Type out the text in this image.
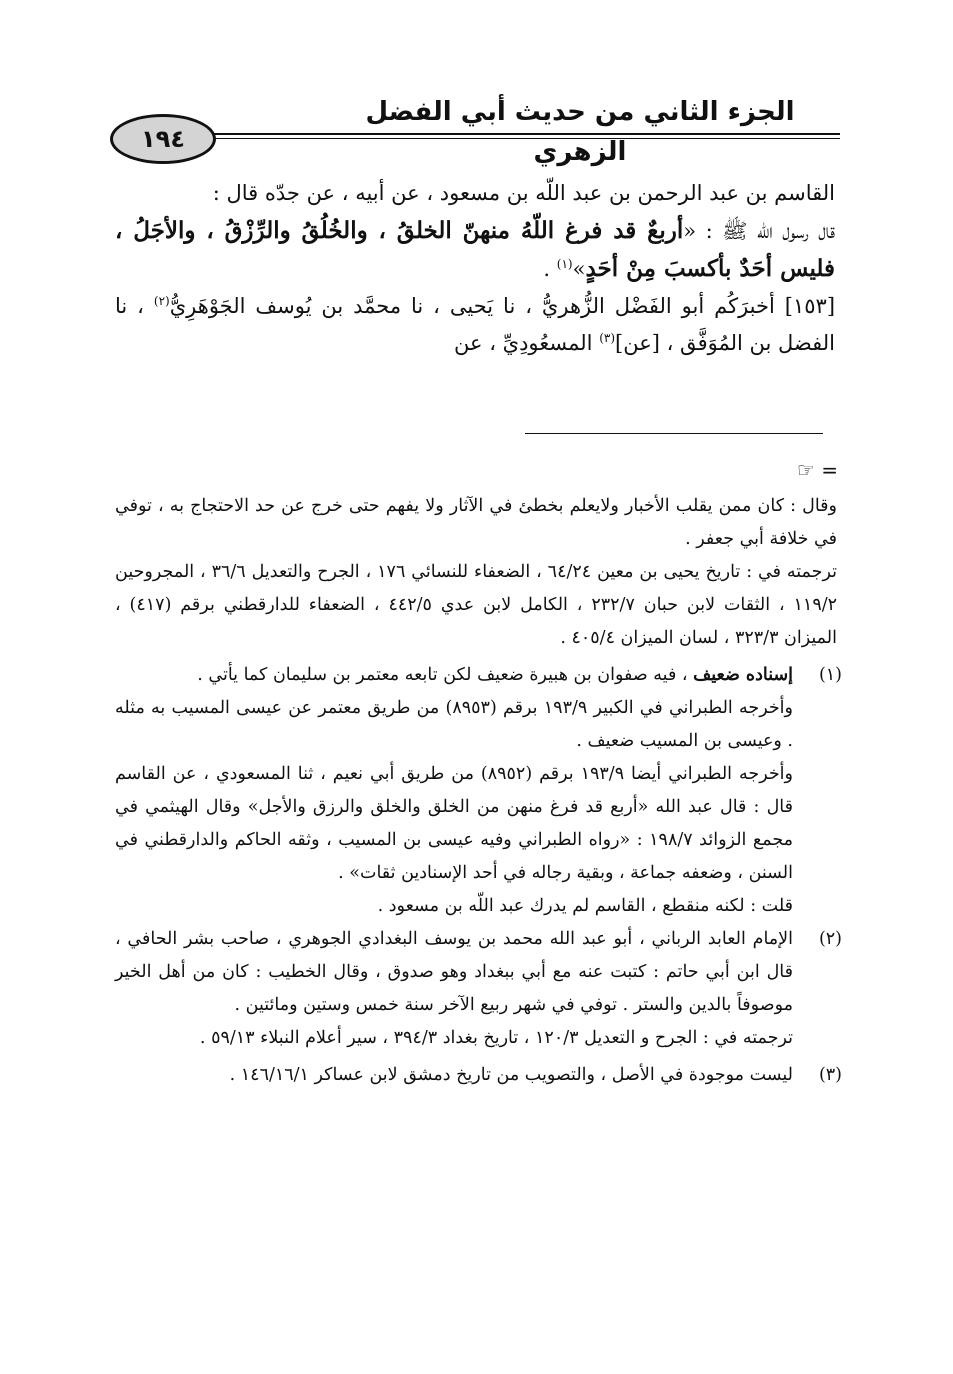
الجزء الثاني من حديث أبي الفضل الزهري
١٩٤

القاسم بن عبد الرحمن بن عبد اللّه بن مسعود ، عن أبيه ، عن جدّه قال :

قال رسول اللّه ﷺ : «أربعٌ قد فرغ اللّهُ منهنّ الخلقُ ، والخُلُقُ والرِّزْقُ ، والأجَلُ ، فليس أحَدٌ بأكسبَ مِنْ أحَدٍ»$^{(١)}$ .

[١٥٣] أخبرَكُم أبو الفَضْل الزُّهريُّ ، نا يَحيى ، نا محمَّد بن يُوسف الجَوْهَرِيُّ$^{(٢)}$ ، نا الفضل بن المُوَفَّق ، [عن]$^{(٣)}$ المسعُودِيِّ ، عن

= ☞
وقال : كان ممن يقلب الأخبار ولايعلم بخطئ في الآثار ولا يفهم حتى خرج عن حد الاحتجاج به ، توفي في خلافة أبي جعفر .
ترجمته في : تاريخ يحيى بن معين ٦٤/٢٤ ، الضعفاء للنسائي ١٧٦ ، الجرح والتعديل ٣٦/٦ ، المجروحين ١١٩/٢ ، الثقات لابن حبان ٢٣٢/٧ ، الكامل لابن عدي ٤٤٢/٥ ، الضعفاء للدارقطني برقم (٤١٧) ، الميزان ٣٢٣/٣ ، لسان الميزان ٤٠٥/٤ .
(١)
إسناده ضعيف ، فيه صفوان بن هبيرة ضعيف لكن تابعه معتمر بن سليمان كما يأتي .
وأخرجه الطبراني في الكبير ١٩٣/٩ برقم (٨٩٥٣) من طريق معتمر عن عيسى المسيب به مثله . وعيسى بن المسيب ضعيف .
وأخرجه الطبراني أيضا ١٩٣/٩ برقم (٨٩٥٢) من طريق أبي نعيم ، ثنا المسعودي ، عن القاسم قال : قال عبد الله «أربع قد فرغ منهن من الخلق والخلق والرزق والأجل» وقال الهيثمي في مجمع الزوائد ١٩٨/٧ : «رواه الطبراني وفيه عيسى بن المسيب ، وثقه الحاكم والدارقطني في السنن ، وضعفه جماعة ، وبقية رجاله في أحد الإسنادين ثقات» .
قلت : لكنه منقطع ، القاسم لم يدرك عبد اللّه بن مسعود .
(٢)
الإمام العابد الرباني ، أبو عبد الله محمد بن يوسف البغدادي الجوهري ، صاحب بشر الحافي ، قال ابن أبي حاتم : كتبت عنه مع أبي ببغداد وهو صدوق ، وقال الخطيب : كان من أهل الخير موصوفاً بالدين والستر . توفي في شهر ربيع الآخر سنة خمس وستين ومائتين .
ترجمته في : الجرح و التعديل ١٢٠/٣ ، تاريخ بغداد ٣٩٤/٣ ، سير أعلام النبلاء ٥٩/١٣ .
(٣)
ليست موجودة في الأصل ، والتصويب من تاريخ دمشق لابن عساكر ١٤٦/١٦/١ .
